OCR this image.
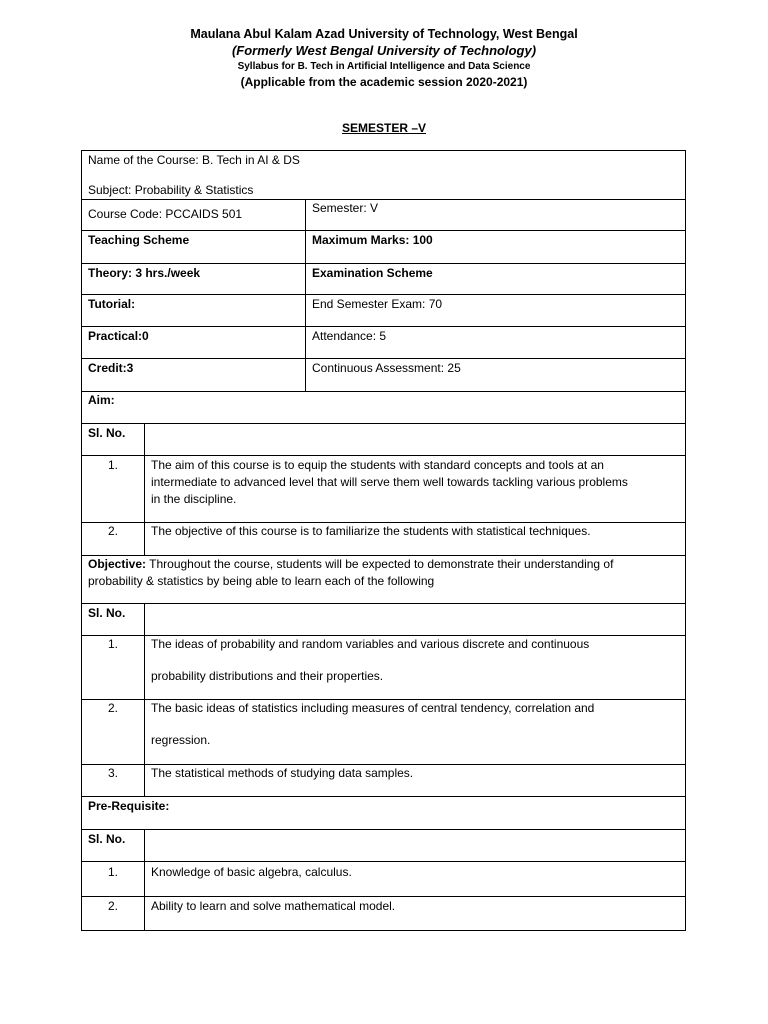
Maulana Abul Kalam Azad University of Technology, West Bengal
(Formerly West Bengal University of Technology)
Syllabus for B. Tech in Artificial Intelligence and Data Science
(Applicable from the academic session 2020-2021)
SEMESTER –V
Name of the Course: B. Tech in AI & DS
Subject: Probability & Statistics
Course Code: PCCAIDS 501	Semester: V
Teaching Scheme	Maximum Marks: 100
Theory: 3 hrs./week	Examination Scheme
Tutorial:	End Semester Exam: 70
Practical:0	Attendance: 5
Credit:3	Continuous Assessment: 25
Aim:
Sl. No.
1.	The aim of this course is to equip the students with standard concepts and tools at an
intermediate to advanced level that will serve them well towards tackling various problems
in the discipline.
2.	The objective of this course is to familiarize the students with statistical techniques.
Objective: Throughout the course, students will be expected to demonstrate their understanding of
probability & statistics by being able to learn each of the following
Sl. No.
1.	The ideas of probability and random variables and various discrete and continuous
probability distributions and their properties.
2.	The basic ideas of statistics including measures of central tendency, correlation and
regression.
3.	The statistical methods of studying data samples.
Pre-Requisite:
Sl. No.
1.	Knowledge of basic algebra, calculus.
2.	Ability to learn and solve mathematical model.
